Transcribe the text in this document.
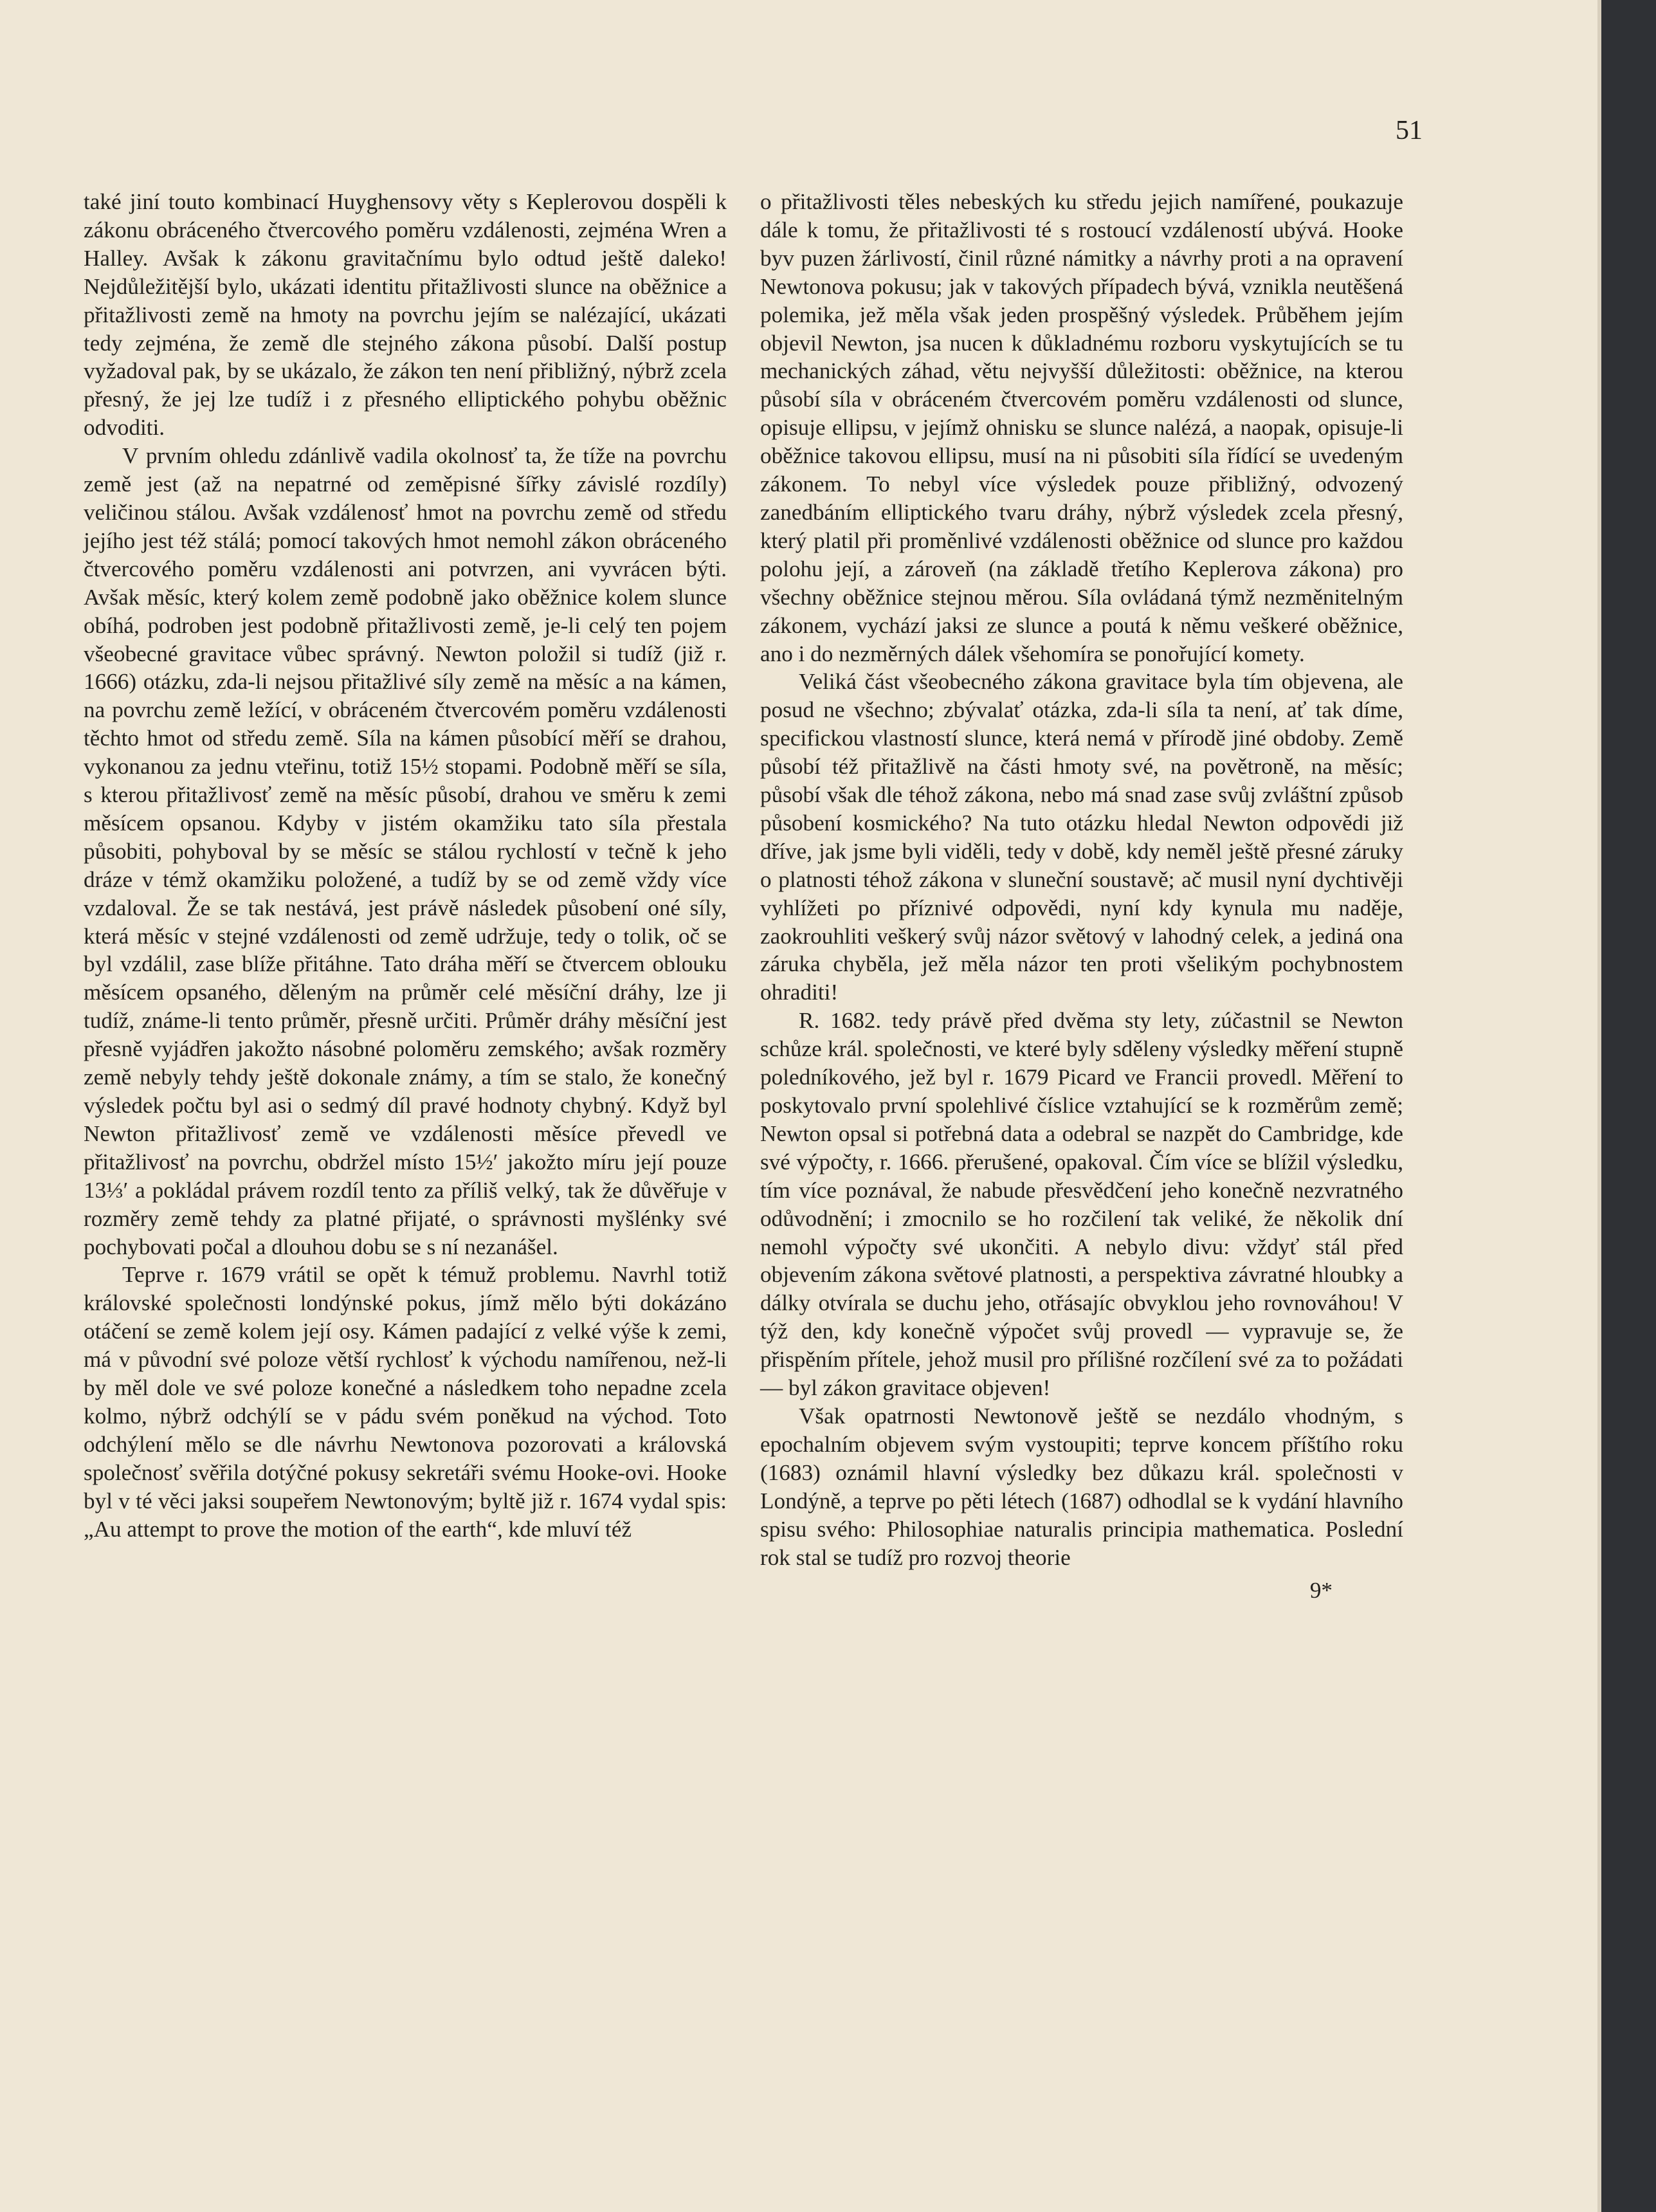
51

také jiní touto kombinací Huyghensovy věty s Keplerovou dospěli k zákonu obráceného čtvercového poměru vzdálenosti, zejména Wren a Halley. Avšak k zákonu gravitačnímu bylo odtud ještě daleko! Nejdůležitější bylo, ukázati identitu přitažlivosti slunce na oběžnice a přitažlivosti země na hmoty na povrchu jejím se nalézající, ukázati tedy zejména, že země dle stejného zákona působí. Další postup vyžadoval pak, by se ukázalo, že zákon ten není přibližný, nýbrž zcela přesný, že jej lze tudíž i z přesného elliptického pohybu oběžnic odvoditi.

V prvním ohledu zdánlivě vadila okolnosť ta, že tíže na povrchu země jest (až na nepatrné od zeměpisné šířky závislé rozdíly) veličinou stálou. Avšak vzdálenosť hmot na povrchu země od středu jejího jest též stálá; pomocí takových hmot nemohl zákon obráceného čtvercového poměru vzdálenosti ani potvrzen, ani vyvrácen býti. Avšak měsíc, který kolem země podobně jako oběžnice kolem slunce obíhá, podroben jest podobně přitažlivosti země, je-li celý ten pojem všeobecné gravitace vůbec správný. Newton položil si tudíž (již r. 1666) otázku, zda-li nejsou přitažlivé síly země na měsíc a na kámen, na povrchu země ležící, v obráceném čtvercovém poměru vzdálenosti těchto hmot od středu země. Síla na kámen působící měří se drahou, vykonanou za jednu vteřinu, totiž 15½ stopami. Podobně měří se síla, s kterou přitažlivosť země na měsíc působí, drahou ve směru k zemi měsícem opsanou. Kdyby v jistém okamžiku tato síla přestala působiti, pohyboval by se měsíc se stálou rychlostí v tečně k jeho dráze v témž okamžiku položené, a tudíž by se od země vždy více vzdaloval. Že se tak nestává, jest právě následek působení oné síly, která měsíc v stejné vzdálenosti od země udržuje, tedy o tolik, oč se byl vzdálil, zase blíže přitáhne. Tato dráha měří se čtvercem oblouku měsícem opsaného, děleným na průměr celé měsíční dráhy, lze ji tudíž, známe-li tento průměr, přesně určiti. Průměr dráhy měsíční jest přesně vyjádřen jakožto násobné poloměru zemského; avšak rozměry země nebyly tehdy ještě dokonale známy, a tím se stalo, že konečný výsledek počtu byl asi o sedmý díl pravé hodnoty chybný. Když byl Newton přitažlivosť země ve vzdálenosti měsíce převedl ve přitažlivosť na povrchu, obdržel místo 15½′ jakožto míru její pouze 13⅓′ a pokládal právem rozdíl tento za příliš velký, tak že důvěřuje v rozměry země tehdy za platné přijaté, o správnosti myšlénky své pochybovati počal a dlouhou dobu se s ní nezanášel.

Teprve r. 1679 vrátil se opět k témuž problemu. Navrhl totiž královské společnosti londýnské pokus, jímž mělo býti dokázáno otáčení se země kolem její osy. Kámen padající z velké výše k zemi, má v původní své poloze větší rychlosť k východu namířenou, než-li by měl dole ve své poloze konečné a následkem toho nepadne zcela kolmo, nýbrž odchýlí se v pádu svém poněkud na východ. Toto odchýlení mělo se dle návrhu Newtonova pozorovati a královská společnosť svěřila dotýčné pokusy sekretáři svému Hooke-ovi. Hooke byl v té věci jaksi soupeřem Newtonovým; byltě již r. 1674 vydal spis: „Au attempt to prove the motion of the earth“, kde mluví též

o přitažlivosti těles nebeských ku středu jejich namířené, poukazuje dále k tomu, že přitažlivosti té s rostoucí vzdáleností ubývá. Hooke byv puzen žárlivostí, činil různé námitky a návrhy proti a na opravení Newtonova pokusu; jak v takových případech bývá, vznikla neutěšená polemika, jež měla však jeden prospěšný výsledek. Průběhem jejím objevil Newton, jsa nucen k důkladnému rozboru vyskytujících se tu mechanických záhad, větu nejvyšší důležitosti: oběžnice, na kterou působí síla v obráceném čtvercovém poměru vzdálenosti od slunce, opisuje ellipsu, v jejímž ohnisku se slunce nalézá, a naopak, opisuje-li oběžnice takovou ellipsu, musí na ni působiti síla řídící se uvedeným zákonem. To nebyl více výsledek pouze přibližný, odvozený zanedbáním elliptického tvaru dráhy, nýbrž výsledek zcela přesný, který platil při proměnlivé vzdálenosti oběžnice od slunce pro každou polohu její, a zároveň (na základě třetího Keplerova zákona) pro všechny oběžnice stejnou měrou. Síla ovládaná týmž nezměnitelným zákonem, vychází jaksi ze slunce a poutá k němu veškeré oběžnice, ano i do nezměrných dálek všehomíra se ponořující komety.

Veliká část všeobecného zákona gravitace byla tím objevena, ale posud ne všechno; zbývalať otázka, zda-li síla ta není, ať tak díme, specifickou vlastností slunce, která nemá v přírodě jiné obdoby. Země působí též přitažlivě na části hmoty své, na povětroně, na měsíc; působí však dle téhož zákona, nebo má snad zase svůj zvláštní způsob působení kosmického? Na tuto otázku hledal Newton odpovědi již dříve, jak jsme byli viděli, tedy v době, kdy neměl ještě přesné záruky o platnosti téhož zákona v sluneční soustavě; ač musil nyní dychtivěji vyhlížeti po příznivé odpovědi, nyní kdy kynula mu naděje, zaokrouhliti veškerý svůj názor světový v lahodný celek, a jediná ona záruka chyběla, jež měla názor ten proti všelikým pochybnostem ohraditi!

R. 1682. tedy právě před dvěma sty lety, zúčastnil se Newton schůze král. společnosti, ve které byly sděleny výsledky měření stupně poledníkového, jež byl r. 1679 Picard ve Francii provedl. Měření to poskytovalo první spolehlivé číslice vztahující se k rozměrům země; Newton opsal si potřebná data a odebral se nazpět do Cambridge, kde své výpočty, r. 1666. přerušené, opakoval. Čím více se blížil výsledku, tím více poznával, že nabude přesvědčení jeho konečně nezvratného odůvodnění; i zmocnilo se ho rozčilení tak veliké, že několik dní nemohl výpočty své ukončiti. A nebylo divu: vždyť stál před objevením zákona světové platnosti, a perspektiva závratné hloubky a dálky otvírala se duchu jeho, otřásajíc obvyklou jeho rovnováhou! V týž den, kdy konečně výpočet svůj provedl — vypravuje se, že přispěním přítele, jehož musil pro přílišné rozčílení své za to požádati — byl zákon gravitace objeven!

Však opatrnosti Newtonově ještě se nezdálo vhodným, s epochalním objevem svým vystoupiti; teprve koncem příštího roku (1683) oznámil hlavní výsledky bez důkazu král. společnosti v Londýně, a teprve po pěti létech (1687) odhodlal se k vydání hlavního spisu svého: Philosophiae naturalis principia mathematica. Poslední rok stal se tudíž pro rozvoj theorie

9*
